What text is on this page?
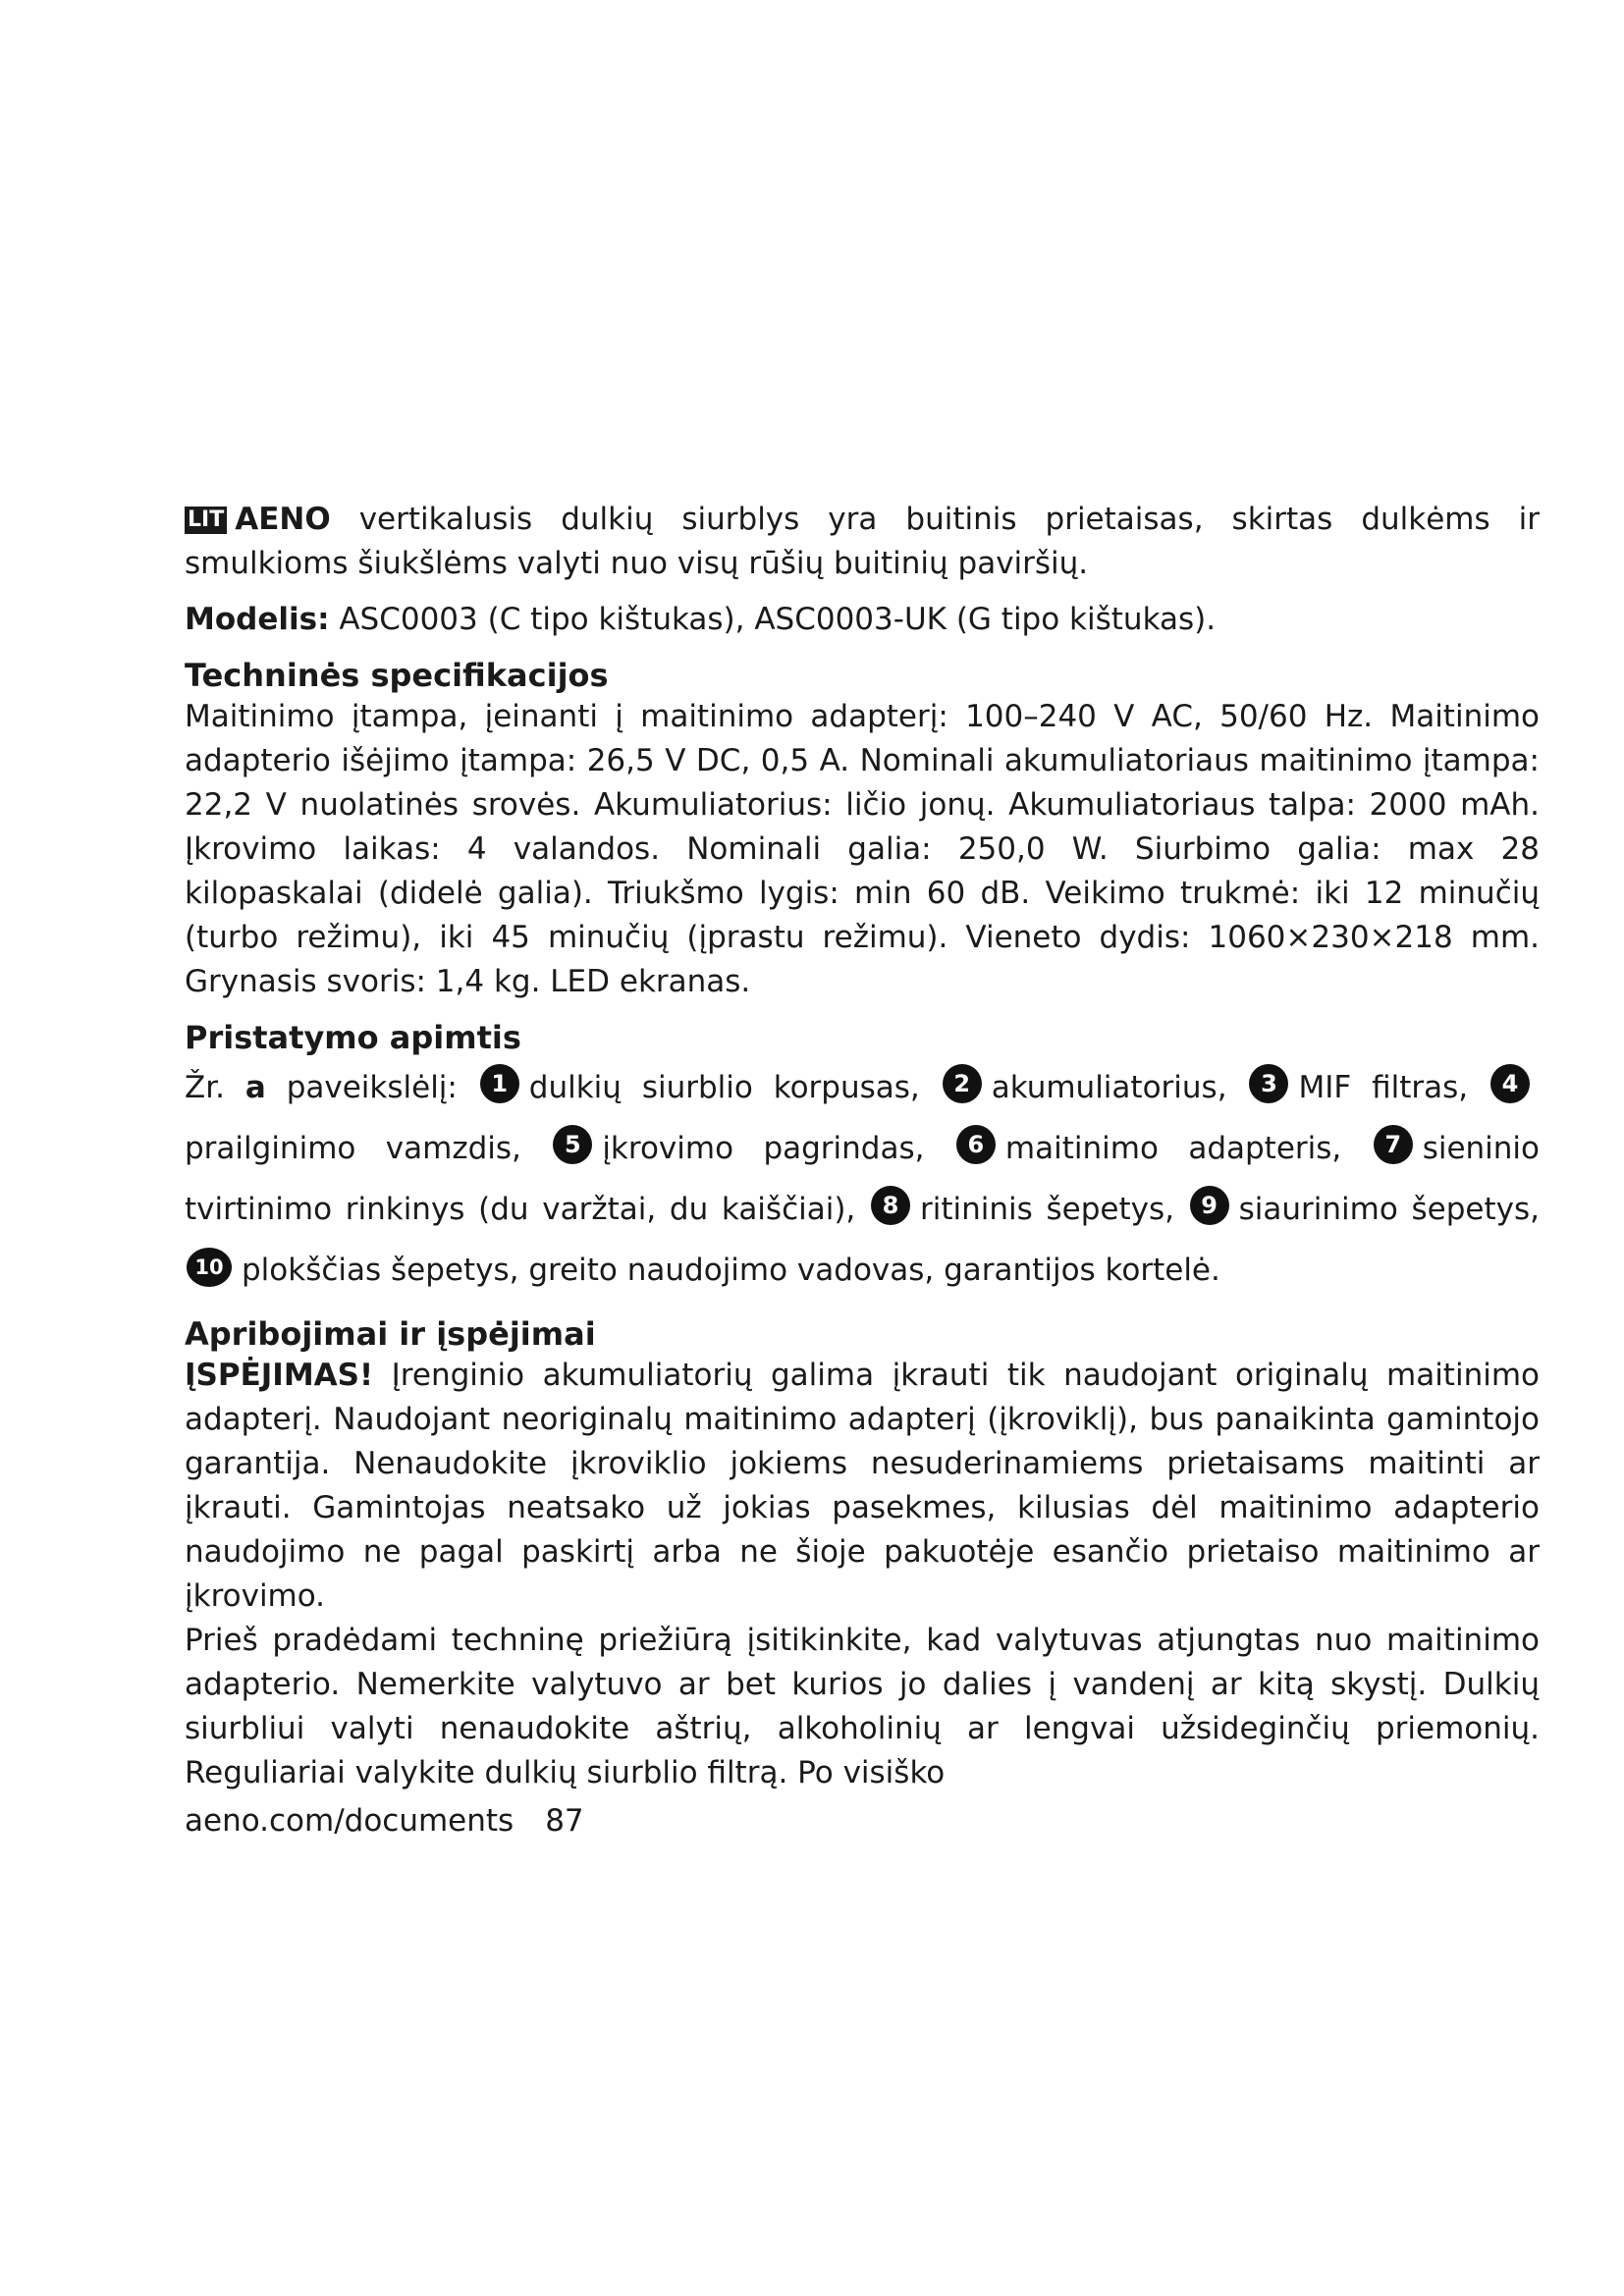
LIT AENO vertikalusis dulkių siurblys yra buitinis prietaisas, skirtas dulkėms ir smulkioms šiukšlėms valyti nuo visų rūšių buitinių paviršių.

Modelis: ASC0003 (C tipo kištukas), ASC0003-UK (G tipo kištukas).

Techninės specifikacijos

Maitinimo įtampa, įeinanti į maitinimo adapterį: 100–240 V AC, 50/60 Hz. Maitinimo adapterio išėjimo įtampa: 26,5 V DC, 0,5 A. Nominali akumuliatoriaus maitinimo įtampa: 22,2 V nuolatinės srovės. Akumuliatorius: ličio jonų. Akumuliatoriaus talpa: 2000 mAh. Įkrovimo laikas: 4 valandos. Nominali galia: 250,0 W. Siurbimo galia: max 28 kilopaskalai (didelė galia). Triukšmo lygis: min 60 dB. Veikimo trukmė: iki 12 minučių (turbo režimu), iki 45 minučių (įprastu režimu). Vieneto dydis: 1060×230×218 mm. Grynasis svoris: 1,4 kg. LED ekranas.

Pristatymo apimtis

Žr. a paveikslėlį: 1 dulkių siurblio korpusas, 2 akumuliatorius, 3 MIF filtras, 4prailginimo vamzdis, 5 įkrovimo pagrindas, 6 maitinimo adapteris, 7 sieninio tvirtinimo rinkinys (du varžtai, du kaiščiai), 8 ritininis šepetys, 9 siaurinimo šepetys, 10 plokščias šepetys, greito naudojimo vadovas, garantijos kortelė.

Apribojimai ir įspėjimai

ĮSPĖJIMAS! Įrenginio akumuliatorių galima įkrauti tik naudojant originalų maitinimo adapterį. Naudojant neoriginalų maitinimo adapterį (įkroviklį), bus panaikinta gamintojo garantija. Nenaudokite įkroviklio jokiems nesuderinamiems prietaisams maitinti ar įkrauti. Gamintojas neatsako už jokias pasekmes, kilusias dėl maitinimo adapterio naudojimo ne pagal paskirtį arba ne šioje pakuotėje esančio prietaiso maitinimo ar įkrovimo.

Prieš pradėdami techninę priežiūrą įsitikinkite, kad valytuvas atjungtas nuo maitinimo adapterio. Nemerkite valytuvo ar bet kurios jo dalies į vandenį ar kitą skystį. Dulkių siurbliui valyti nenaudokite aštrių, alkoholinių ar lengvai užsideginčių priemonių. Reguliariai valykite dulkių siurblio filtrą. Po visiško

aeno.com/documents 87
